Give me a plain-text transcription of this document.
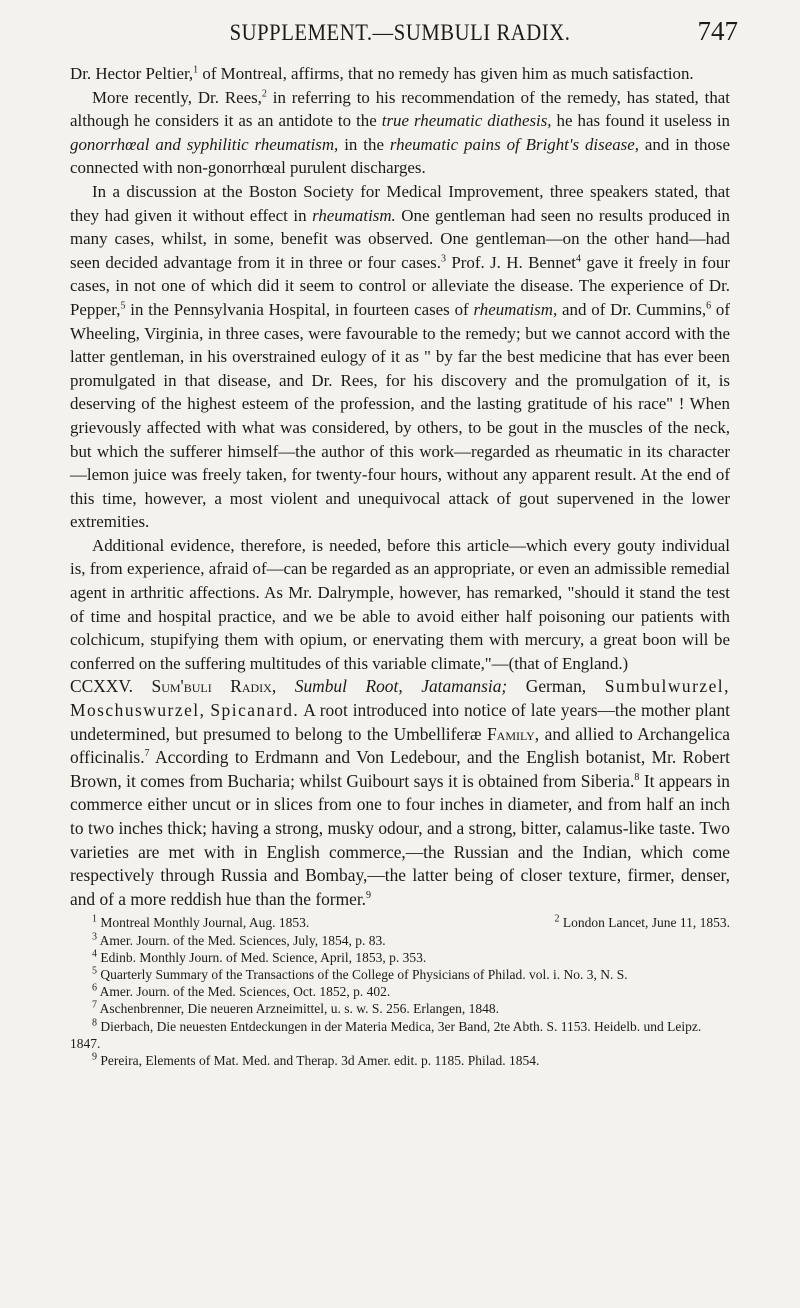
SUPPLEMENT.—SUMBULI RADIX.	747

Dr. Hector Peltier,$^1$ of Montreal, affirms, that no remedy has given him as much satisfaction.

More recently, Dr. Rees,$^2$ in referring to his recommendation of the remedy, has stated, that although he considers it as an antidote to the true rheumatic diathesis, he has found it useless in gonorrhœal and syphilitic rheumatism, in the rheumatic pains of Bright's disease, and in those connected with non-gonorrhœal purulent discharges.

In a discussion at the Boston Society for Medical Improvement, three speakers stated, that they had given it without effect in rheumatism. One gentleman had seen no results produced in many cases, whilst, in some, benefit was observed. One gentleman—on the other hand—had seen decided advantage from it in three or four cases.$^3$ Prof. J. H. Bennet$^4$ gave it freely in four cases, in not one of which did it seem to control or alleviate the disease. The experience of Dr. Pepper,$^5$ in the Pennsylvania Hospital, in fourteen cases of rheumatism, and of Dr. Cummins,$^6$ of Wheeling, Virginia, in three cases, were favourable to the remedy; but we cannot accord with the latter gentleman, in his overstrained eulogy of it as " by far the best medicine that has ever been promulgated in that disease, and Dr. Rees, for his discovery and the promulgation of it, is deserving of the highest esteem of the profession, and the lasting gratitude of his race" ! When grievously affected with what was considered, by others, to be gout in the muscles of the neck, but which the sufferer himself—the author of this work—regarded as rheumatic in its character—lemon juice was freely taken, for twenty-four hours, without any apparent result. At the end of this time, however, a most violent and unequivocal attack of gout supervened in the lower extremities.

Additional evidence, therefore, is needed, before this article—which every gouty individual is, from experience, afraid of—can be regarded as an appropriate, or even an admissible remedial agent in arthritic affections. As Mr. Dalrymple, however, has remarked, "should it stand the test of time and hospital practice, and we be able to avoid either half poisoning our patients with colchicum, stupifying them with opium, or enervating them with mercury, a great boon will be conferred on the suffering multitudes of this variable climate,"—(that of England.)

CCXXV. Sum'buli Radix, Sumbul Root, Jatamansia; German, Sumbulwurzel, Moschuswurzel, Spicanard. A root introduced into notice of late years—the mother plant undetermined, but presumed to belong to the Umbelliferæ Family, and allied to Archangelica officinalis.$^7$ According to Erdmann and Von Ledebour, and the English botanist, Mr. Robert Brown, it comes from Bucharia; whilst Guibourt says it is obtained from Siberia.$^8$ It appears in commerce either uncut or in slices from one to four inches in diameter, and from half an inch to two inches thick; having a strong, musky odour, and a strong, bitter, calamus-like taste. Two varieties are met with in English commerce,—the Russian and the Indian, which come respectively through Russia and Bombay,—the latter being of closer texture, firmer, denser, and of a more reddish hue than the former.$^9$

$^1$ Montreal Monthly Journal, Aug. 1853.	$^2$ London Lancet, June 11, 1853.

$^3$ Amer. Journ. of the Med. Sciences, July, 1854, p. 83.

$^4$ Edinb. Monthly Journ. of Med. Science, April, 1853, p. 353.

$^5$ Quarterly Summary of the Transactions of the College of Physicians of Philad. vol. i. No. 3, N. S.

$^6$ Amer. Journ. of the Med. Sciences, Oct. 1852, p. 402.

$^7$ Aschenbrenner, Die neueren Arzneimittel, u. s. w. S. 256. Erlangen, 1848.

$^8$ Dierbach, Die neuesten Entdeckungen in der Materia Medica, 3er Band, 2te Abth. S. 1153. Heidelb. und Leipz. 1847.

$^9$ Pereira, Elements of Mat. Med. and Therap. 3d Amer. edit. p. 1185. Philad. 1854.
